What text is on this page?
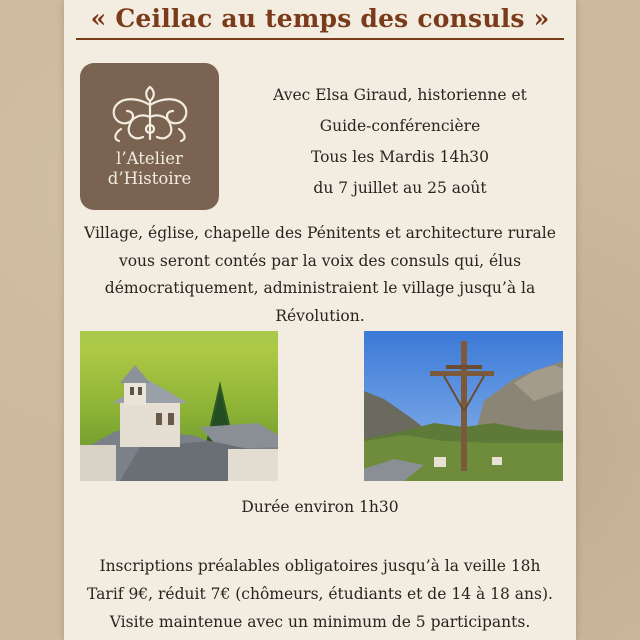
« Ceillac au temps des consuls »
l’Atelier
d’Histoire
Avec Elsa Giraud, historienne et
Guide-conférencière
Tous les Mardis 14h30
du 7 juillet au 25 août
Village, église, chapelle des Pénitents et architecture rurale
vous seront contés par la voix des consuls qui, élus
démocratiquement, administraient le village jusqu’à la
Révolution.
Durée environ 1h30
Inscriptions préalables obligatoires jusqu’à la veille 18h
Tarif 9€, réduit 7€ (chômeurs, étudiants et de 14 à 18 ans).
Visite maintenue avec un minimum de 5 participants.
